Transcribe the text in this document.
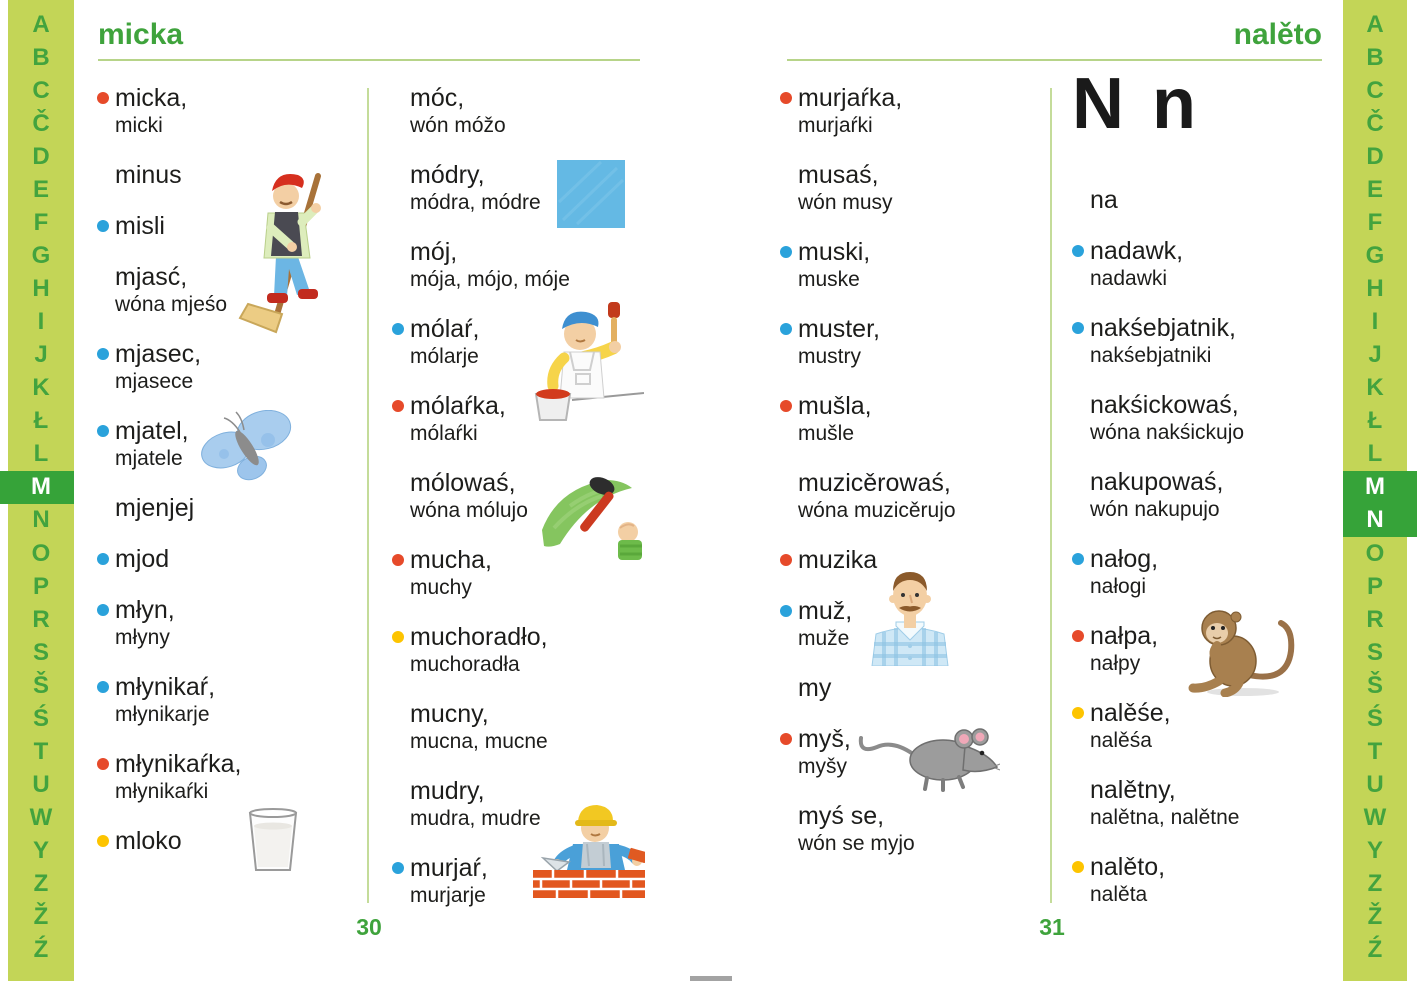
A
B
C
Č
D
E
F
G
H
I
J
K
Ł
L
M
N
O
P
R
S
Š
Ś
T
U
W
Y
Z
Ž
Ź
A
B
C
Č
D
E
F
G
H
I
J
K
Ł
L
M
N
O
P
R
S
Š
Ś
T
U
W
Y
Z
Ž
Ź
micka
micka,
micki
minus
misli
mjasć,
wóna mjeśo
mjasec,
mjasece
mjatel,
mjatele
mjenjej
mjod
młyn,
młyny
młynikaŕ,
młynikarje
młynikaŕka,
młynikaŕki
mloko
móc,
wón móžo
módry,
módra, módre
mój,
mója, mójo, móje
mólaŕ,
mólarje
mólaŕka,
mólaŕki
mólowaś,
wóna mólujo
mucha,
muchy
muchoradło,
muchoradła
mucny,
mucna, mucne
mudry,
mudra, mudre
murjaŕ,
murjarje
30
nalěto
N n
murjaŕka,
murjaŕki
musaś,
wón musy
muski,
muske
muster,
mustry
mušla,
mušle
muzicěrowaś,
wóna muzicěrujo
muzika
muž,
muže
my
myš,
myšy
myś se,
wón se myjo
na
nadawk,
nadawki
nakśebjatnik,
nakśebjatniki
nakśickowaś,
wóna nakśickujo
nakupowaś,
wón nakupujo
nałog,
nałogi
nałpa,
nałpy
nalěśe,
nalěśa
nalětny,
nalětna, nalětne
nalěto,
nalěta
31
